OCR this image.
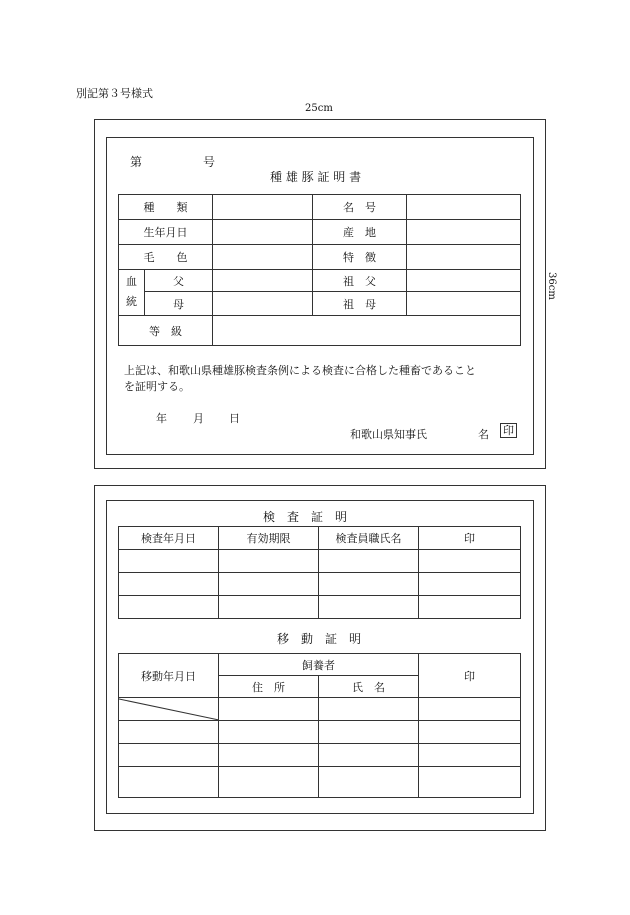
別記第３号様式
25cm
36cm
第	号
種 雄 豚 証 明 書
種　　類			名　号	
生年月日			産　地	
毛　　色			特　徴	
血統	父		祖　父	
	母		祖　母	
等　級				
上記は、和歌山県種雄豚検査条例による検査に合格した種畜であること
を証明する。
年 月 日
和歌山県知事氏	名 印
検　査　証　明
検査年月日	有効期限	検査員職氏名	印

移　動　証　明
移動年月日	飼養者		印
	住　所	氏　名	
